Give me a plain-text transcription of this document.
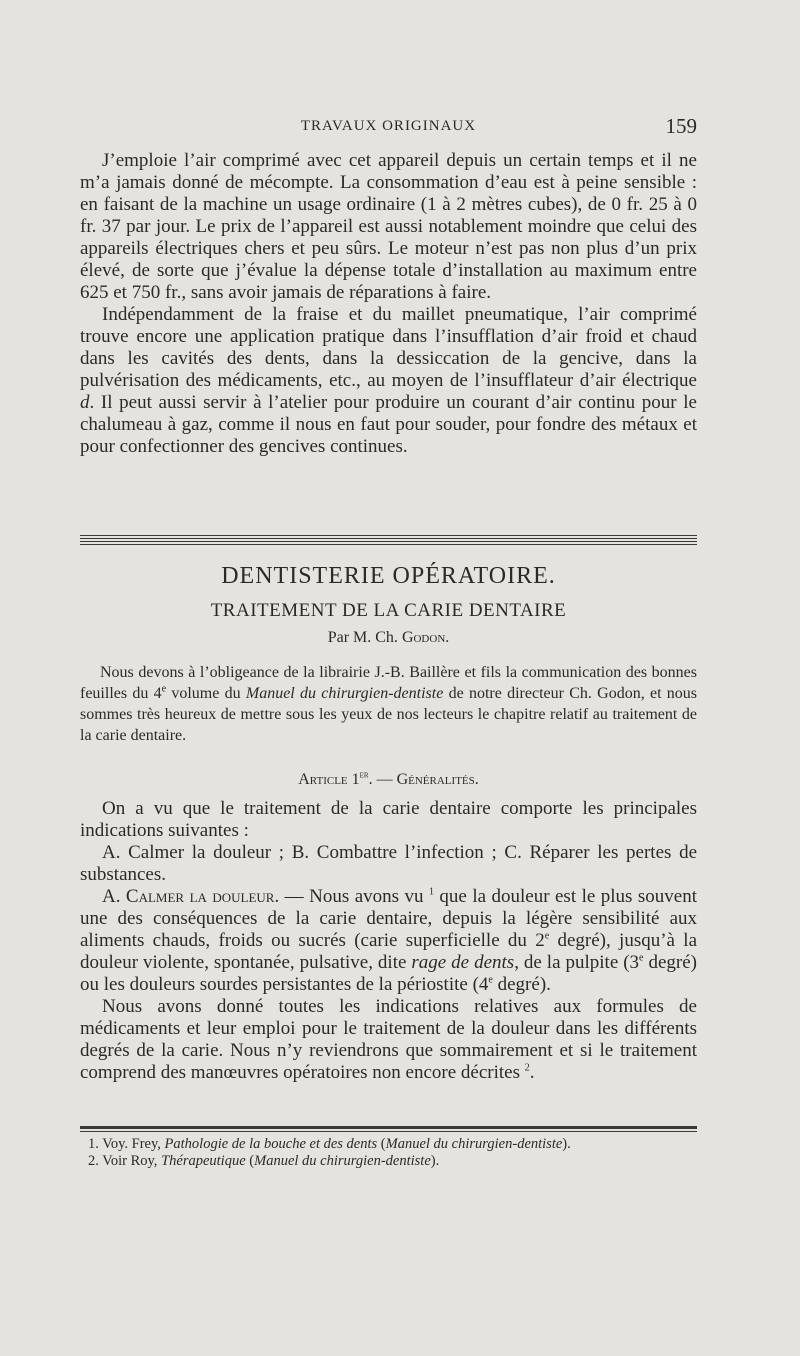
TRAVAUX ORIGINAUX	159

J’emploie l’air comprimé avec cet appareil depuis un certain temps et il ne m’a jamais donné de mécompte. La consommation d’eau est à peine sensible : en faisant de la machine un usage ordinaire (1 à 2 mètres cubes), de 0 fr. 25 à 0 fr. 37 par jour. Le prix de l’appareil est aussi notablement moindre que celui des appareils électriques chers et peu sûrs. Le moteur n’est pas non plus d’un prix élevé, de sorte que j’évalue la dépense totale d’installation au maximum entre 625 et 750 fr., sans avoir jamais de réparations à faire.

Indépendamment de la fraise et du maillet pneumatique, l’air comprimé trouve encore une application pratique dans l’insufflation d’air froid et chaud dans les cavités des dents, dans la dessiccation de la gencive, dans la pulvérisation des médicaments, etc., au moyen de l’insufflateur d’air électrique d. Il peut aussi servir à l’atelier pour produire un courant d’air continu pour le chalumeau à gaz, comme il nous en faut pour souder, pour fondre des métaux et pour confectionner des gencives continues.

DENTISTERIE OPÉRATOIRE.
TRAITEMENT DE LA CARIE DENTAIRE
Par M. Ch. Godon.

Nous devons à l’obligeance de la librairie J.-B. Baillère et fils la communication des bonnes feuilles du 4e volume du Manuel du chirurgien-dentiste de notre directeur Ch. Godon, et nous sommes très heureux de mettre sous les yeux de nos lecteurs le chapitre relatif au traitement de la carie dentaire.

Article 1er. — Généralités.

On a vu que le traitement de la carie dentaire comporte les principales indications suivantes :

A. Calmer la douleur ; B. Combattre l’infection ; C. Réparer les pertes de substances.

A. Calmer la douleur. — Nous avons vu $^1$ que la douleur est le plus souvent une des conséquences de la carie dentaire, depuis la légère sensibilité aux aliments chauds, froids ou sucrés (carie superficielle du 2e degré), jusqu’à la douleur violente, spontanée, pulsative, dite rage de dents, de la pulpite (3e degré) ou les douleurs sourdes persistantes de la périostite (4e degré).

Nous avons donné toutes les indications relatives aux formules de médicaments et leur emploi pour le traitement de la douleur dans les différents degrés de la carie. Nous n’y reviendrons que sommairement et si le traitement comprend des manœuvres opératoires non encore décrites $^2$.

1. Voy. Frey, Pathologie de la bouche et des dents (Manuel du chirurgien-dentiste).

2. Voir Roy, Thérapeutique (Manuel du chirurgien-dentiste).
